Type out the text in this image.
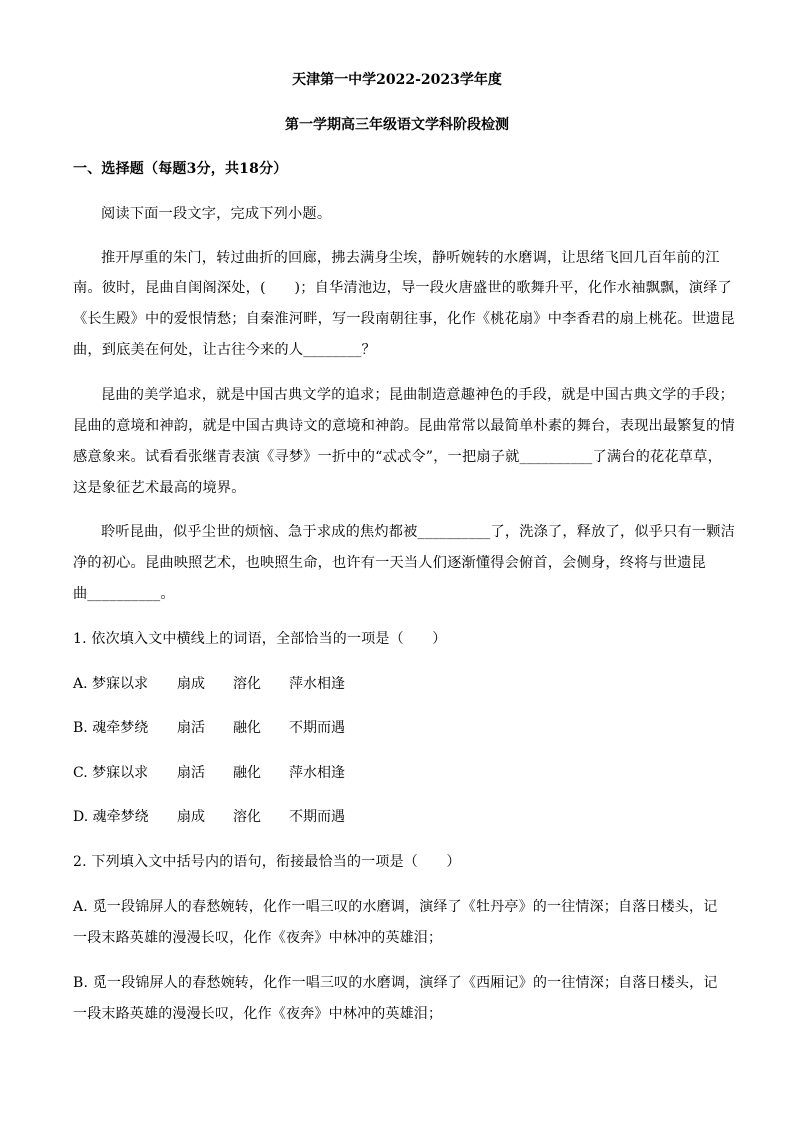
天津第一中学2022-2023学年度
第一学期高三年级语文学科阶段检测
一、选择题（每题3分，共18分）
阅读下面一段文字，完成下列小题。
推开厚重的朱门，转过曲折的回廊，拂去满身尘埃，静听婉转的水磨调，让思绪飞回几百年前的江
南。彼时，昆曲自闺阁深处，(　　)；自华清池边，导一段火唐盛世的歌舞升平，化作水袖飘飘，演绎了
《长生殿》中的爱恨情愁；自秦淮河畔，写一段南朝往事，化作《桃花扇》中李香君的扇上桃花。世遗昆
曲，到底美在何处，让古往今来的人________？
昆曲的美学追求，就是中国古典文学的追求；昆曲制造意趣神色的手段，就是中国古典文学的手段；
昆曲的意境和神韵，就是中国古典诗文的意境和神韵。昆曲常常以最简单朴素的舞台，表现出最繁复的情
感意象来。试看看张继青表演《寻梦》一折中的“忒忒令”，一把扇子就__________了满台的花花草草，
这是象征艺术最高的境界。
聆听昆曲，似乎尘世的烦恼、急于求成的焦灼都被__________了，洗涤了，释放了，似乎只有一颗洁
净的初心。昆曲映照艺术，也映照生命，也许有一天当人们逐渐懂得会俯首，会侧身，终将与世遗昆
曲__________。
1. 依次填入文中横线上的词语，全部恰当的一项是（　　）
A. 梦寐以求 扇成 溶化 萍水相逢
B. 魂牵梦绕 扇活 融化 不期而遇
C. 梦寐以求 扇活 融化 萍水相逢
D. 魂牵梦绕 扇成 溶化 不期而遇
2. 下列填入文中括号内的语句，衔接最恰当的一项是（　　）
A. 觅一段锦屏人的春愁婉转，化作一唱三叹的水磨调，演绎了《牡丹亭》的一往情深；自落日楼头，记
一段末路英雄的漫漫长叹，化作《夜奔》中林冲的英雄泪；
B. 觅一段锦屏人的春愁婉转，化作一唱三叹的水磨调，演绎了《西厢记》的一往情深；自落日楼头，记
一段末路英雄的漫漫长叹，化作《夜奔》中林冲的英雄泪；
